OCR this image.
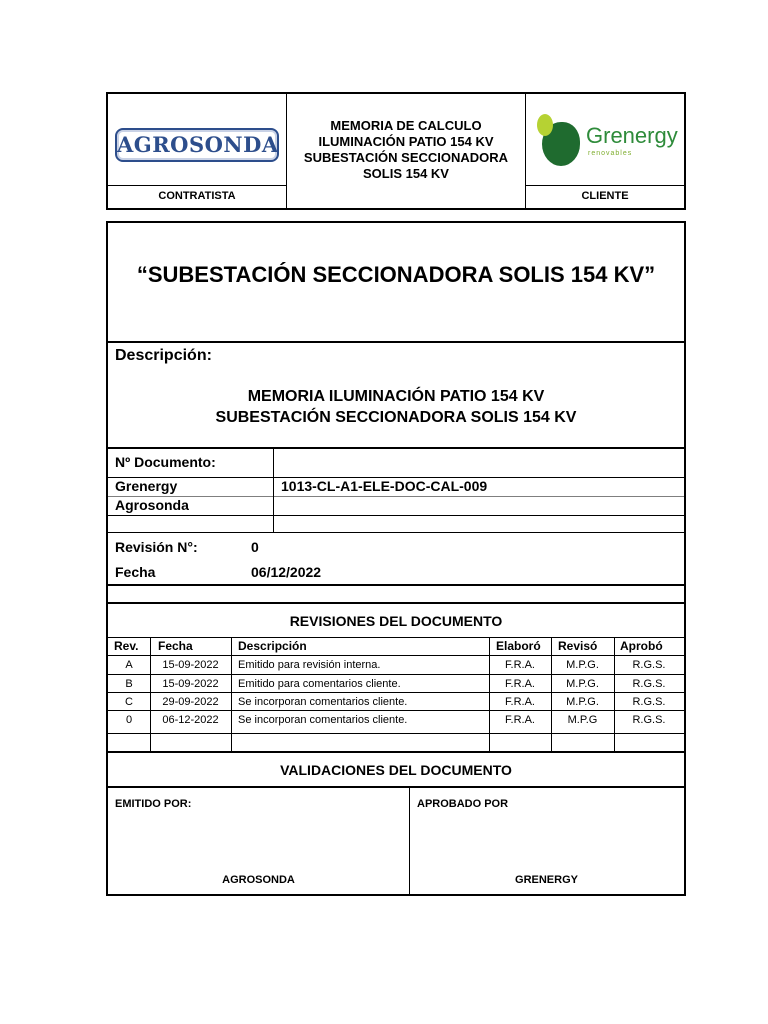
AGROSONDA
CONTRATISTA
MEMORIA DE CALCULO
ILUMINACIÓN PATIO 154 KV
SUBESTACIÓN SECCIONADORA
SOLIS 154 KV
Grenergy
renovables
CLIENTE
“SUBESTACIÓN SECCIONADORA SOLIS 154 KV”
Descripción:
MEMORIA ILUMINACIÓN PATIO 154 KV
SUBESTACIÓN SECCIONADORA SOLIS 154 KV
Nº Documento:
Grenergy	1013-CL-A1-ELE-DOC-CAL-009
Agrosonda
Revisión N°:	0
Fecha	06/12/2022
REVISIONES DEL DOCUMENTO
Rev. Fecha	Descripción	Elaboró Revisó Aprobó
A	15-09-2022	Emitido para revisión interna.	F.R.A.	M.P.G.	R.G.S.
B	15-09-2022	Emitido para comentarios cliente.	F.R.A.	M.P.G.	R.G.S.
C	29-09-2022	Se incorporan comentarios cliente.	F.R.A.	M.P.G.	R.G.S.
0	06-12-2022	Se incorporan comentarios cliente.	F.R.A.	M.P.G	R.G.S.
VALIDACIONES DEL DOCUMENTO
EMITIDO POR:	APROBADO POR
AGROSONDA	GRENERGY
